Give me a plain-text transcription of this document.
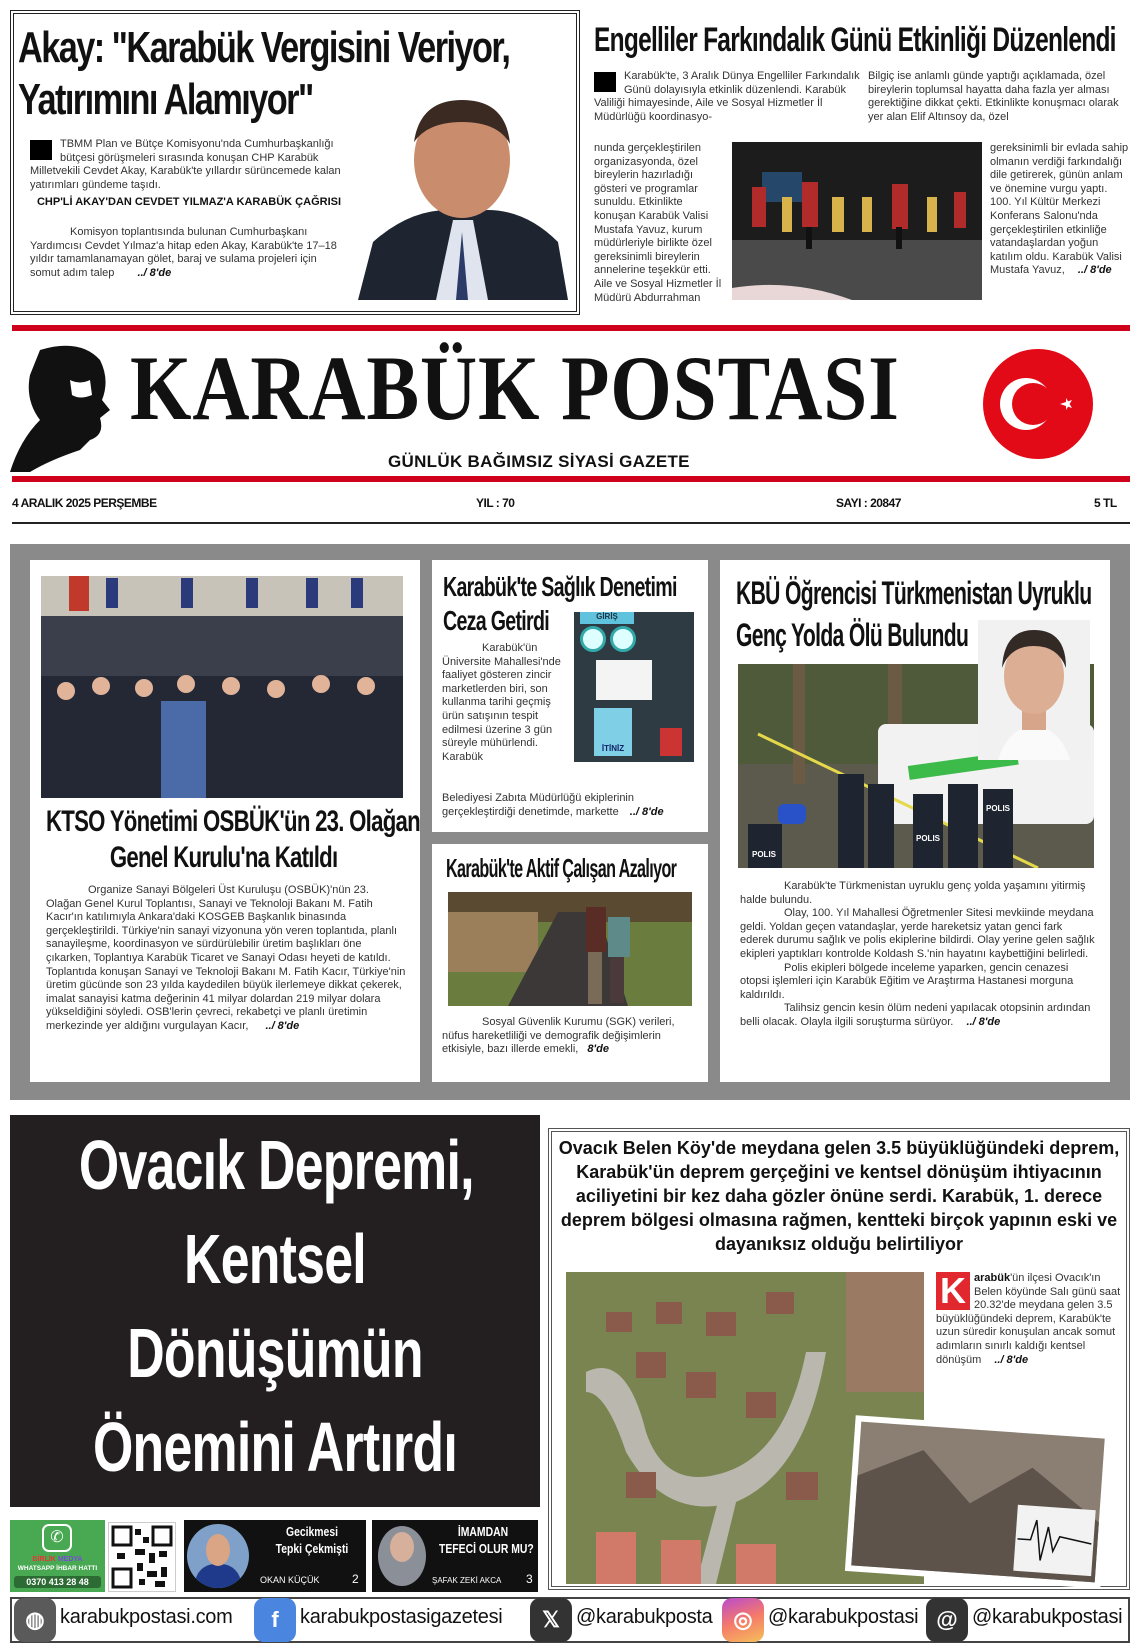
Akay: "Karabük Vergisini Veriyor,
Yatırımını Alamıyor"
TBMM Plan ve Bütçe Komisyonu'nda Cumhurbaşkanlığı bütçesi görüşmeleri sırasında konuşan CHP Karabük Milletvekili Cevdet Akay, Karabük'te yıllardır sürüncemede kalan yatırımları gündeme taşıdı.
CHP'Lİ AKAY'DAN CEVDET YILMAZ'A KARABÜK ÇAĞRISI
Komisyon toplantısında bulunan Cumhurbaşkanı Yardımcısı Cevdet Yılmaz'a hitap eden Akay, Karabük'te 17–18 yıldır tamamlanamayan gölet, baraj ve sulama projeleri için somut adım talep ../ 8'de
Engelliler Farkındalık Günü Etkinliği Düzenlendi
Karabük'te, 3 Aralık Dünya Engelliler Farkındalık Günü dolayısıyla etkinlik düzenlendi. Karabük Valiliği himayesinde, Aile ve Sosyal Hizmetler İl Müdürlüğü koordinasyo-
nunda gerçekleştirilen organizasyonda, özel bireylerin hazırladığı gösteri ve programlar sunuldu. Etkinlikte konuşan Karabük Valisi Mustafa Yavuz, kurum müdürleriyle birlikte özel gereksinimli bireylerin annelerine teşekkür etti. Aile ve Sosyal Hizmetler İl Müdürü Abdurrahman
Bilgiç ise anlamlı günde yaptığı açıklamada, özel bireylerin toplumsal hayatta daha fazla yer alması gerektiğine dikkat çekti. Etkinlikte konuşmacı olarak yer alan Elif Altınsoy da, özel
gereksinimli bir evlada sahip olmanın verdiği farkındalığı dile getirerek, günün anlam ve önemine vurgu yaptı. 100. Yıl Kültür Merkezi Konferans Salonu'nda gerçekleştirilen etkinliğe vatandaşlardan yoğun katılım oldu. Karabük Valisi Mustafa Yavuz, ../ 8'de
KARABÜK POSTASI
GÜNLÜK BAĞIMSIZ SİYASİ GAZETE
4 ARALIK 2025 PERŞEMBE	YIL : 70	SAYI : 20847	5 TL
KTSO Yönetimi OSBÜK'ün 23. Olağan
Genel Kurulu'na Katıldı
Organize Sanayi Bölgeleri Üst Kuruluşu (OSBÜK)'nün 23. Olağan Genel Kurul Toplantısı, Sanayi ve Teknoloji Bakanı M. Fatih Kacır'ın katılımıyla Ankara'daki KOSGEB Başkanlık binasında gerçekleştirildi. Türkiye'nin sanayi vizyonuna yön veren toplantıda, planlı sanayileşme, koordinasyon ve sürdürülebilir üretim başlıkları öne çıkarken, Toplantıya Karabük Ticaret ve Sanayi Odası heyeti de katıldı. Toplantıda konuşan Sanayi ve Teknoloji Bakanı M. Fatih Kacır, Türkiye'nin üretim gücünde son 23 yılda kaydedilen büyük ilerlemeye dikkat çekerek, imalat sanayisi katma değerinin 41 milyar dolardan 219 milyar dolara yükseldiğini söyledi. OSB'lerin çevreci, rekabetçi ve planlı üretimin merkezinde yer aldığını vurgulayan Kacır, ../ 8'de
Karabük'te Sağlık Denetimi
Ceza Getirdi	GİRİŞ
İTİNİZ
Karabük'ün Üniversite Mahallesi'nde faaliyet gösteren zincir marketlerden biri, son kullanma tarihi geçmiş ürün satışının tespit edilmesi üzerine 3 gün süreyle mühürlendi. Karabük
Belediyesi Zabıta Müdürlüğü ekiplerinin gerçekleştirdiği denetimde, markette ../ 8'de
Karabük'te Aktif Çalışan Azalıyor
Sosyal Güvenlik Kurumu (SGK) verileri, nüfus hareketliliği ve demografik değişimlerin etkisiyle, bazı illerde emekli, 8'de
KBÜ Öğrencisi Türkmenistan Uyruklu
Genç Yolda Ölü Bulundu
POLIS
POLIS
POLIS

Karabük'te Türkmenistan uyruklu genç yolda yaşamını yitirmiş halde bulundu.

Olay, 100. Yıl Mahallesi Öğretmenler Sitesi mevkiinde meydana geldi. Yoldan geçen vatandaşlar, yerde hareketsiz yatan genci fark ederek durumu sağlık ve polis ekiplerine bildirdi. Olay yerine gelen sağlık ekipleri yaptıkları kontrolde Koldash S.'nin hayatını kaybettiğini belirledi.

Polis ekipleri bölgede inceleme yaparken, gencin cenazesi otopsi işlemleri için Karabük Eğitim ve Araştırma Hastanesi morguna kaldırıldı.

Talihsiz gencin kesin ölüm nedeni yapılacak otopsinin ardından belli olacak. Olayla ilgili soruşturma sürüyor. ../ 8'de

Ovacık Depremi,
Kentsel
Dönüşümün
Önemini Artırdı
Ovacık Belen Köy'de meydana gelen 3.5 büyüklüğündeki deprem, Karabük'ün deprem gerçeğini ve kentsel dönüşüm ihtiyacının aciliyetini bir kez daha gözler önüne serdi. Karabük, 1. derece deprem bölgesi olmasına rağmen, kentteki birçok yapının eski ve dayanıksız olduğu belirtiliyor
K arabük'ün ilçesi Ovacık'ın Belen köyünde Salı günü saat 20.32'de meydana gelen 3.5 büyüklüğündeki deprem, Karabük'te uzun süredir konuşulan ancak somut adımların sınırlı kaldığı kentsel dönüşüm ../ 8'de
✆
BİRLİK MEDYA
WHATSAPP İHBAR HATTI
0370 413 28 48
Gecikmesi
Tepki Çekmişti
OKAN KÜÇÜK	2
İMAMDAN
TEFECİ OLUR MU?
ŞAFAK ZEKİ AKCA 3
◍ karabukpostasi.com	f	karabukpostasigazetesi	𝕏 @karabukposta ◎ @karabukpostasi @ @karabukpostasi
